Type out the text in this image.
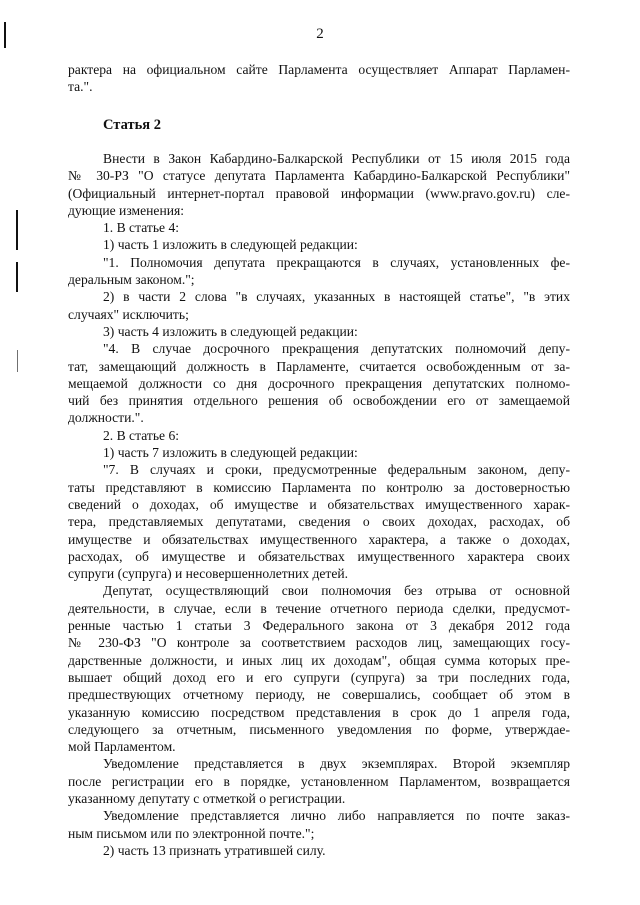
2
рактера на официальном сайте Парламента осуществляет Аппарат Парламен-
та.".
Статья 2
Внести в Закон Кабардино-Балкарской Республики от 15 июля 2015 года
№ 30-РЗ "О статусе депутата Парламента Кабардино-Балкарской Республики"
(Официальный интернет-портал правовой информации (www.pravo.gov.ru) сле-
дующие изменения:
1. В статье 4:
1) часть 1 изложить в следующей редакции:
"1. Полномочия депутата прекращаются в случаях, установленных фе-
деральным законом.";
2) в части 2 слова "в случаях, указанных в настоящей статье", "в этих
случаях" исключить;
3) часть 4 изложить в следующей редакции:
"4. В случае досрочного прекращения депутатских полномочий депу-
тат, замещающий должность в Парламенте, считается освобожденным от за-
мещаемой должности со дня досрочного прекращения депутатских полномо-
чий без принятия отдельного решения об освобождении его от замещаемой
должности.".
2. В статье 6:
1) часть 7 изложить в следующей редакции:
"7. В случаях и сроки, предусмотренные федеральным законом, депу-
таты представляют в комиссию Парламента по контролю за достоверностью
сведений о доходах, об имуществе и обязательствах имущественного харак-
тера, представляемых депутатами, сведения о своих доходах, расходах, об
имуществе и обязательствах имущественного характера, а также о доходах,
расходах, об имуществе и обязательствах имущественного характера своих
супруги (супруга) и несовершеннолетних детей.
Депутат, осуществляющий свои полномочия без отрыва от основной
деятельности, в случае, если в течение отчетного периода сделки, предусмот-
ренные частью 1 статьи 3 Федерального закона от 3 декабря 2012 года
№ 230-ФЗ "О контроле за соответствием расходов лиц, замещающих госу-
дарственные должности, и иных лиц их доходам", общая сумма которых пре-
вышает общий доход его и его супруги (супруга) за три последних года,
предшествующих отчетному периоду, не совершались, сообщает об этом в
указанную комиссию посредством представления в срок до 1 апреля года,
следующего за отчетным, письменного уведомления по форме, утверждае-
мой Парламентом.
Уведомление представляется в двух экземплярах. Второй экземпляр
после регистрации его в порядке, установленном Парламентом, возвращается
указанному депутату с отметкой о регистрации.
Уведомление представляется лично либо направляется по почте заказ-
ным письмом или по электронной почте.";
2) часть 13 признать утратившей силу.
